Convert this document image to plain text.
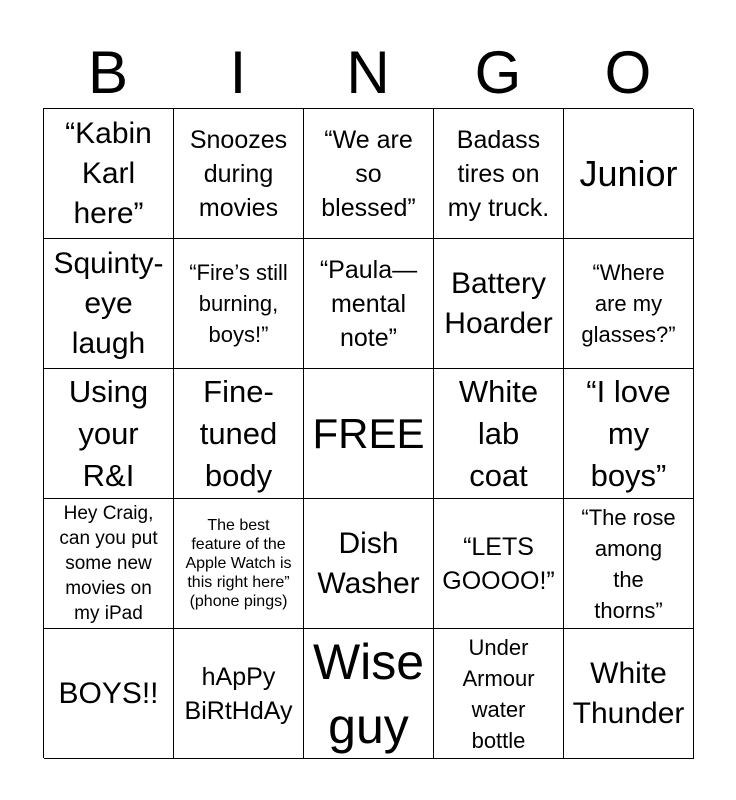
B	I	N	G	O
“Kabin
Karl
here”
Snoozes
during
movies
“We are
so
blessed”
Badass
tires on
my truck.
Junior
Squinty-
eye
laugh
“Fire’s still
burning,
boys!”
“Paula—
mental
note”
Battery
Hoarder
“Where
are my
glasses?”
Using
your
R&I
Fine-
tuned
body
FREE
White
lab
coat
“I love
my
boys”
Hey Craig,
can you put
some new
movies on
my iPad
The best
feature of the
Apple Watch is
this right here”
(phone pings)
Dish
Washer
“LETS
GOOOO!”
“The rose
among
the
thorns”
BOYS!!	hApPy
BiRtHdAy
Wise
guy
Under
Armour
water
bottle
White
Thunder
